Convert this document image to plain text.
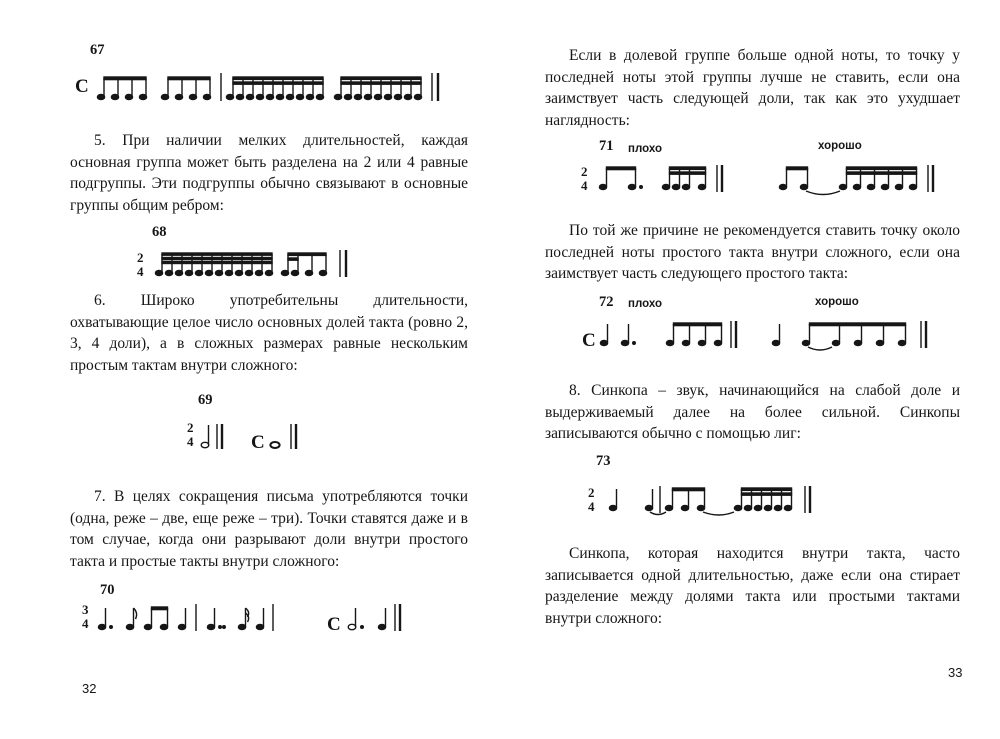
67
C

5. При наличии мелких длительностей, каждая основная группа может быть разделена на 2 или 4 равные подгруппы. Эти подгруппы обычно связывают в основные группы общим ребром:

68
2
4

6. Широко употребительны длительности, охватывающие целое число основных долей такта (ровно 2, 3, 4 доли), а в сложных размерах равные нескольким простым тактам внутри сложного:

69
2
4	C

7. В целях сокращения письма употребляются точки (одна, реже – две, еще реже – три). Точки ставятся даже и в том случае, когда они разрывают доли внутри простого такта и простые такты внутри сложного:

70
3
4	C
32

Если в долевой группе больше одной ноты, то точку у последней ноты этой группы лучше не ставить, если она заимствует часть следующей доли, так как это ухудшает наглядность:

71 плохо	хорошо
2
4

По той же причине не рекомендуется ставить точку около последней ноты простого такта внутри сложного, если она заимствует часть следующего простого такта:

72 плохо	хорошо
C

8. Синкопа – звук, начинающийся на слабой доле и выдерживаемый далее на более сильной. Синкопы записываются обычно с помощью лиг:

73
2
4

Синкопа, которая находится внутри такта, часто записывается одной длительностью, даже если она стирает разделение между долями такта или простыми тактами внутри сложного:

33
